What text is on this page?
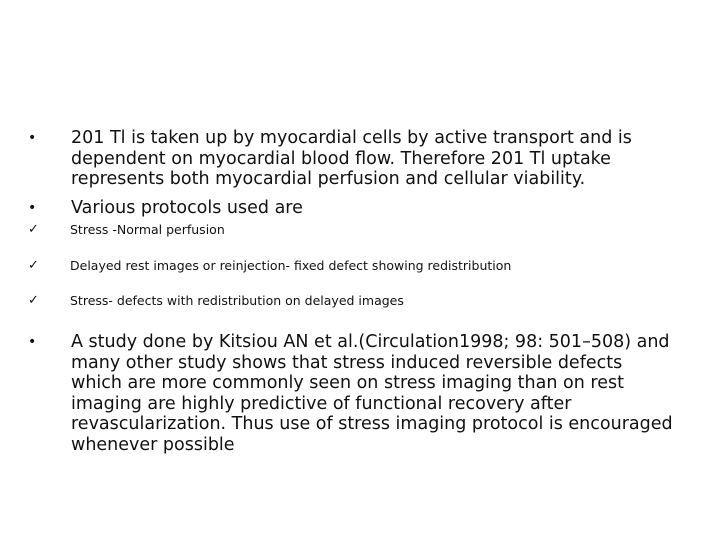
•	201 Tl is taken up by myocardial cells by active transport and is
dependent on myocardial blood flow. Therefore 201 Tl uptake
represents both myocardial perfusion and cellular viability.
•	Various protocols used are
✓	Stress -Normal perfusion
✓	Delayed rest images or reinjection- fixed defect showing redistribution
✓	Stress- defects with redistribution on delayed images
•	A study done by Kitsiou AN et al.(Circulation1998; 98: 501–508) and
many other study shows that stress induced reversible defects
which are more commonly seen on stress imaging than on rest
imaging are highly predictive of functional recovery after
revascularization. Thus use of stress imaging protocol is encouraged
whenever possible
